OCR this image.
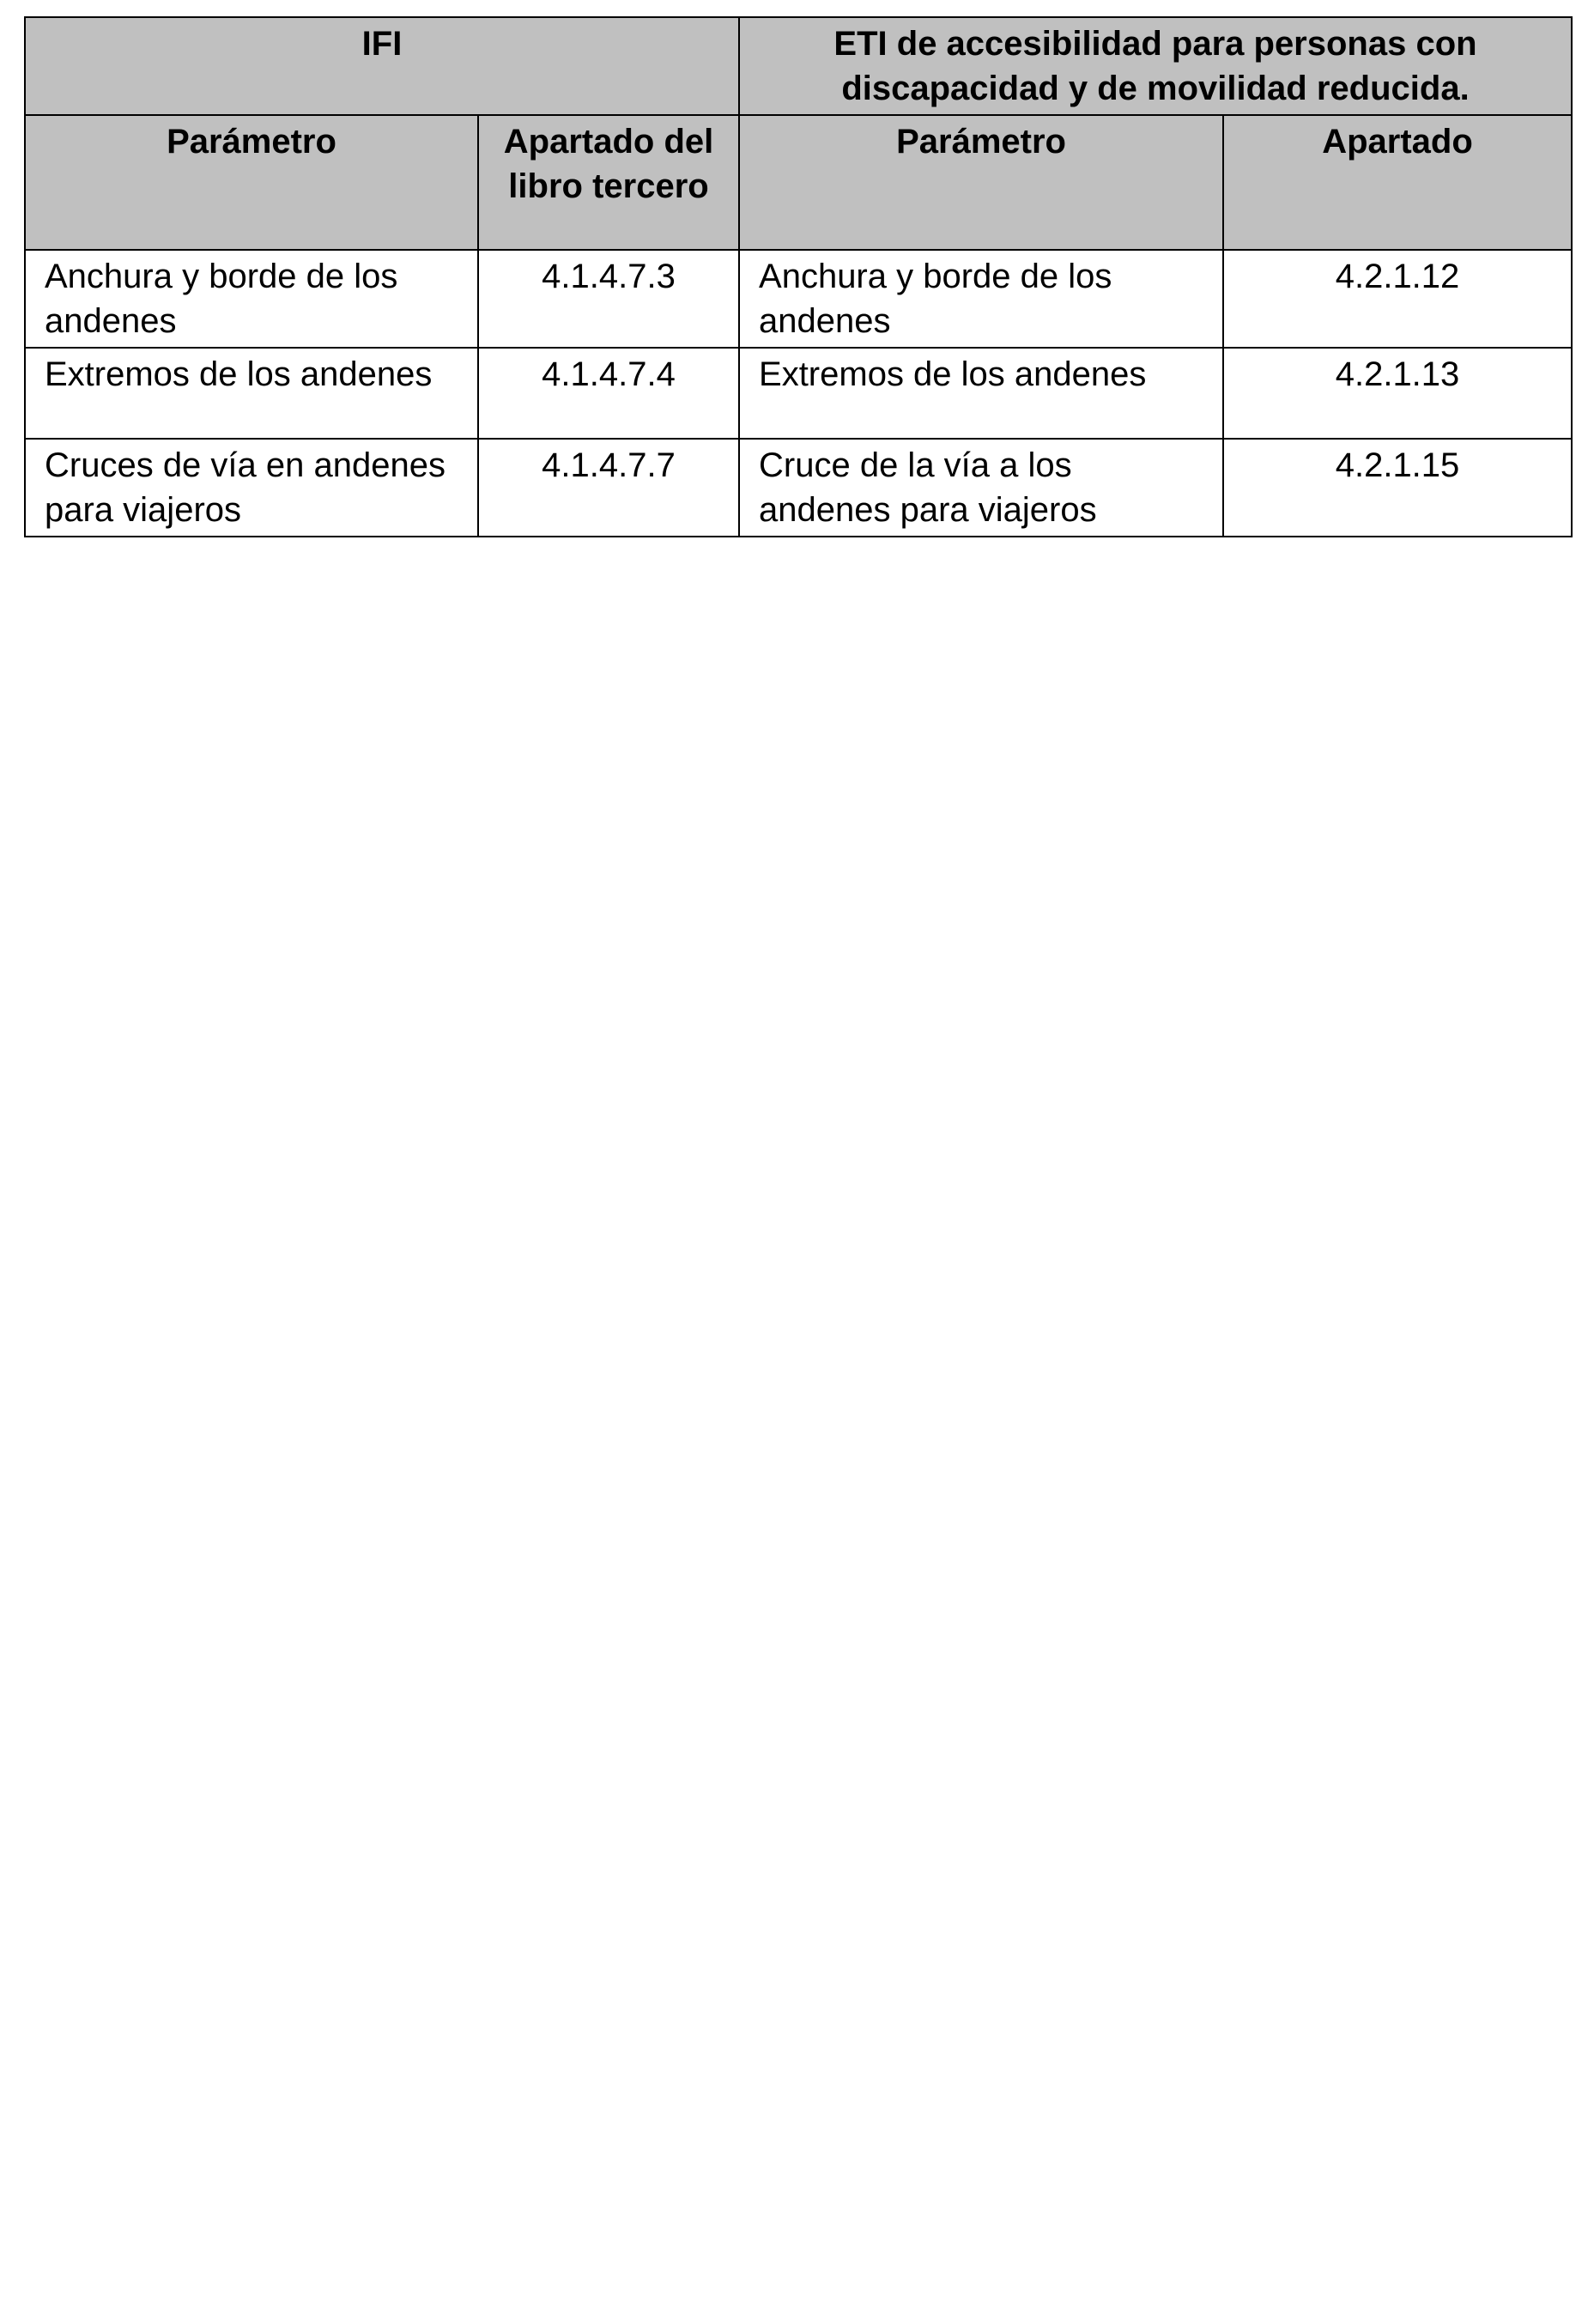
IFI		ETI de accesibilidad para personas con discapacidad y de movilidad reducida.	
Parámetro	Apartado del libro tercero	Parámetro	Apartado
Anchura y borde de los andenes	4.1.4.7.3	Anchura y borde de los andenes	4.2.1.12
Extremos de los andenes	4.1.4.7.4	Extremos de los andenes	4.2.1.13
Cruces de vía en andenes para viajeros	4.1.4.7.7	Cruce de la vía a los andenes para viajeros	4.2.1.15
